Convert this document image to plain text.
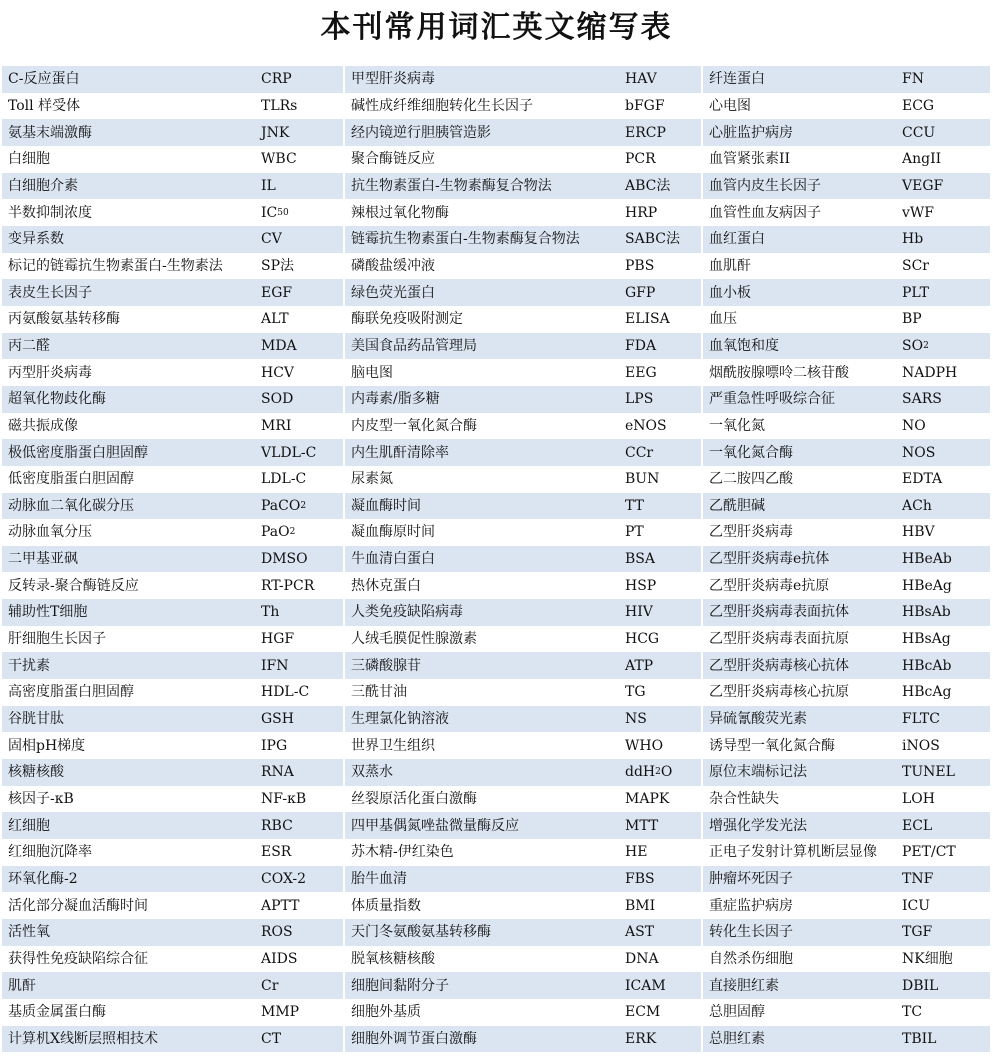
本刊常用词汇英文缩写表
C-反应蛋白	CRP	甲型肝炎病毒	HAV	纤连蛋白	FN
Toll 样受体	TLRs	碱性成纤维细胞转化生长因子	bFGF	心电图	ECG
氨基末端激酶	JNK	经内镜逆行胆胰管造影	ERCP	心脏监护病房	CCU
白细胞	WBC	聚合酶链反应	PCR	血管紧张素II	AngII
白细胞介素	IL	抗生物素蛋白-生物素酶复合物法	ABC法	血管内皮生长因子	VEGF
半数抑制浓度	IC 50	辣根过氧化物酶	HRP	血管性血友病因子	vWF
变异系数	CV	链霉抗生物素蛋白-生物素酶复合物法	SABC法	血红蛋白	Hb
标记的链霉抗生物素蛋白-生物素法	SP法	磷酸盐缓冲液	PBS	血肌酐	SCr
表皮生长因子	EGF	绿色荧光蛋白	GFP	血小板	PLT
丙氨酸氨基转移酶	ALT	酶联免疫吸附测定	ELISA	血压	BP
丙二醛	MDA	美国食品药品管理局	FDA	血氧饱和度	SO 2
丙型肝炎病毒	HCV	脑电图	EEG	烟酰胺腺嘌呤二核苷酸	NADPH
超氧化物歧化酶	SOD	内毒素/脂多糖	LPS	严重急性呼吸综合征	SARS
磁共振成像	MRI	内皮型一氧化氮合酶	eNOS	一氧化氮	NO
极低密度脂蛋白胆固醇	VLDL-C	内生肌酐清除率	CCr	一氧化氮合酶	NOS
低密度脂蛋白胆固醇	LDL-C	尿素氮	BUN	乙二胺四乙酸	EDTA
动脉血二氧化碳分压	PaCO 2	凝血酶时间	TT	乙酰胆碱	ACh
动脉血氧分压	PaO 2	凝血酶原时间	PT	乙型肝炎病毒	HBV
二甲基亚砜	DMSO	牛血清白蛋白	BSA	乙型肝炎病毒e抗体	HBeAb
反转录-聚合酶链反应	RT-PCR	热休克蛋白	HSP	乙型肝炎病毒e抗原	HBeAg
辅助性T细胞	Th	人类免疫缺陷病毒	HIV	乙型肝炎病毒表面抗体	HBsAb
肝细胞生长因子	HGF	人绒毛膜促性腺激素	HCG	乙型肝炎病毒表面抗原	HBsAg
干扰素	IFN	三磷酸腺苷	ATP	乙型肝炎病毒核心抗体	HBcAb
高密度脂蛋白胆固醇	HDL-C	三酰甘油	TG	乙型肝炎病毒核心抗原	HBcAg
谷胱甘肽	GSH	生理氯化钠溶液	NS	异硫氰酸荧光素	FLTC
固相pH梯度	IPG	世界卫生组织	WHO	诱导型一氧化氮合酶	iNOS
核糖核酸	RNA	双蒸水	ddH 2 O	原位末端标记法	TUNEL
核因子-κB	NF-κB	丝裂原活化蛋白激酶	MAPK	杂合性缺失	LOH
红细胞	RBC	四甲基偶氮唑盐微量酶反应	MTT	增强化学发光法	ECL
红细胞沉降率	ESR	苏木精-伊红染色	HE	正电子发射计算机断层显像	PET/CT
环氧化酶-2	COX-2	胎牛血清	FBS	肿瘤坏死因子	TNF
活化部分凝血活酶时间	APTT	体质量指数	BMI	重症监护病房	ICU
活性氧	ROS	天门冬氨酸氨基转移酶	AST	转化生长因子	TGF
获得性免疫缺陷综合征	AIDS	脱氧核糖核酸	DNA	自然杀伤细胞	NK细胞
肌酐	Cr	细胞间黏附分子	ICAM	直接胆红素	DBIL
基质金属蛋白酶	MMP	细胞外基质	ECM	总胆固醇	TC
计算机X线断层照相技术	CT	细胞外调节蛋白激酶	ERK	总胆红素	TBIL
